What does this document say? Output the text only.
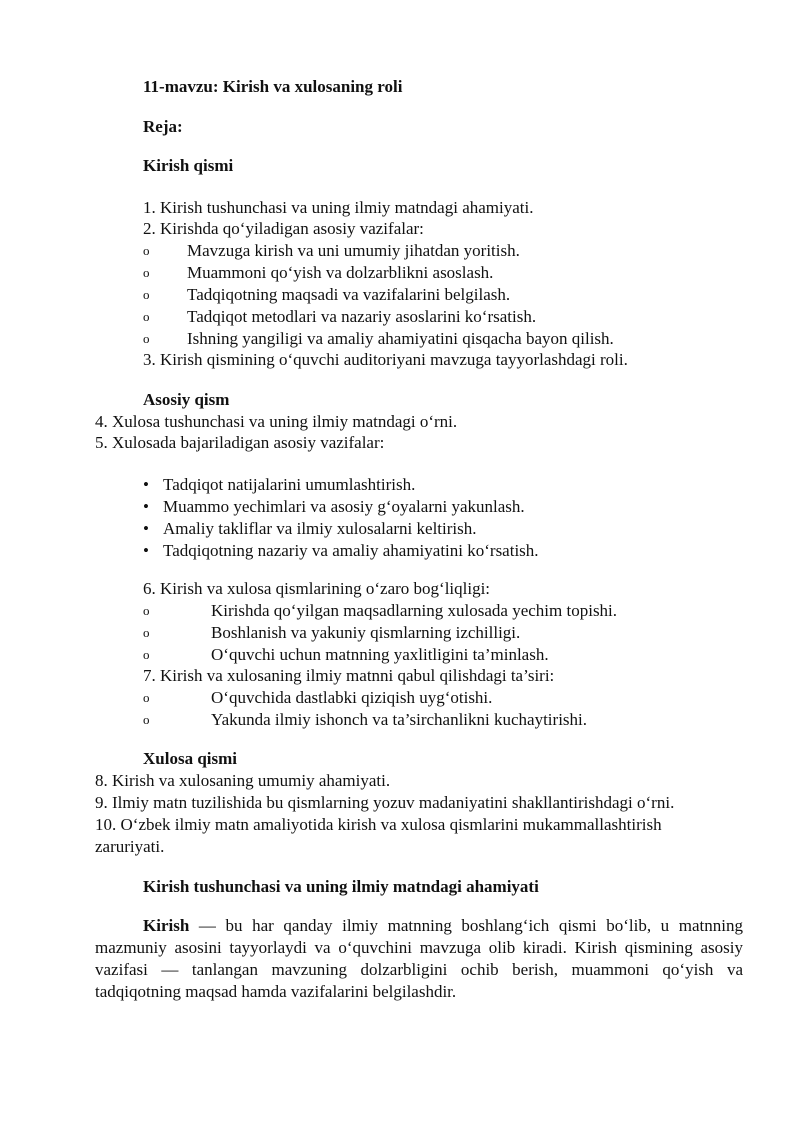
11-mavzu: Kirish va xulosaning roli
Reja:
Kirish qismi
1. Kirish tushunchasi va uning ilmiy matndagi ahamiyati.
2. Kirishda qo‘yiladigan asosiy vazifalar:
o Mavzuga kirish va uni umumiy jihatdan yoritish.
o Muammoni qo‘yish va dolzarblikni asoslash.
o Tadqiqotning maqsadi va vazifalarini belgilash.
o Tadqiqot metodlari va nazariy asoslarini ko‘rsatish.
o Ishning yangiligi va amaliy ahamiyatini qisqacha bayon qilish.
3. Kirish qismining o‘quvchi auditoriyani mavzuga tayyorlashdagi roli.
Asosiy qism
4. Xulosa tushunchasi va uning ilmiy matndagi o‘rni.
5. Xulosada bajariladigan asosiy vazifalar:
• Tadqiqot natijalarini umumlashtirish.
• Muammo yechimlari va asosiy g‘oyalarni yakunlash.
• Amaliy takliflar va ilmiy xulosalarni keltirish.
• Tadqiqotning nazariy va amaliy ahamiyatini ko‘rsatish.
6. Kirish va xulosa qismlarining o‘zaro bog‘liqligi:
o	Kirishda qo‘yilgan maqsadlarning xulosada yechim topishi.
o	Boshlanish va yakuniy qismlarning izchilligi.
o	O‘quvchi uchun matnning yaxlitligini ta’minlash.
7. Kirish va xulosaning ilmiy matnni qabul qilishdagi ta’siri:
o	O‘quvchida dastlabki qiziqish uyg‘otishi.
o	Yakunda ilmiy ishonch va ta’sirchanlikni kuchaytirishi.
Xulosa qismi
8. Kirish va xulosaning umumiy ahamiyati.
9. Ilmiy matn tuzilishida bu qismlarning yozuv madaniyatini shakllantirishdagi o‘rni.
10. O‘zbek ilmiy matn amaliyotida kirish va xulosa qismlarini mukammallashtirish
zaruriyati.
Kirish tushunchasi va uning ilmiy matndagi ahamiyati
Kirish — bu har qanday ilmiy matnning boshlang‘ich qismi bo‘lib, u matnning mazmuniy asosini tayyorlaydi va o‘quvchini mavzuga olib kiradi. Kirish qismining asosiy vazifasi — tanlangan mavzuning dolzarbligini ochib berish, muammoni qo‘yish va tadqiqotning maqsad hamda vazifalarini belgilashdir.
